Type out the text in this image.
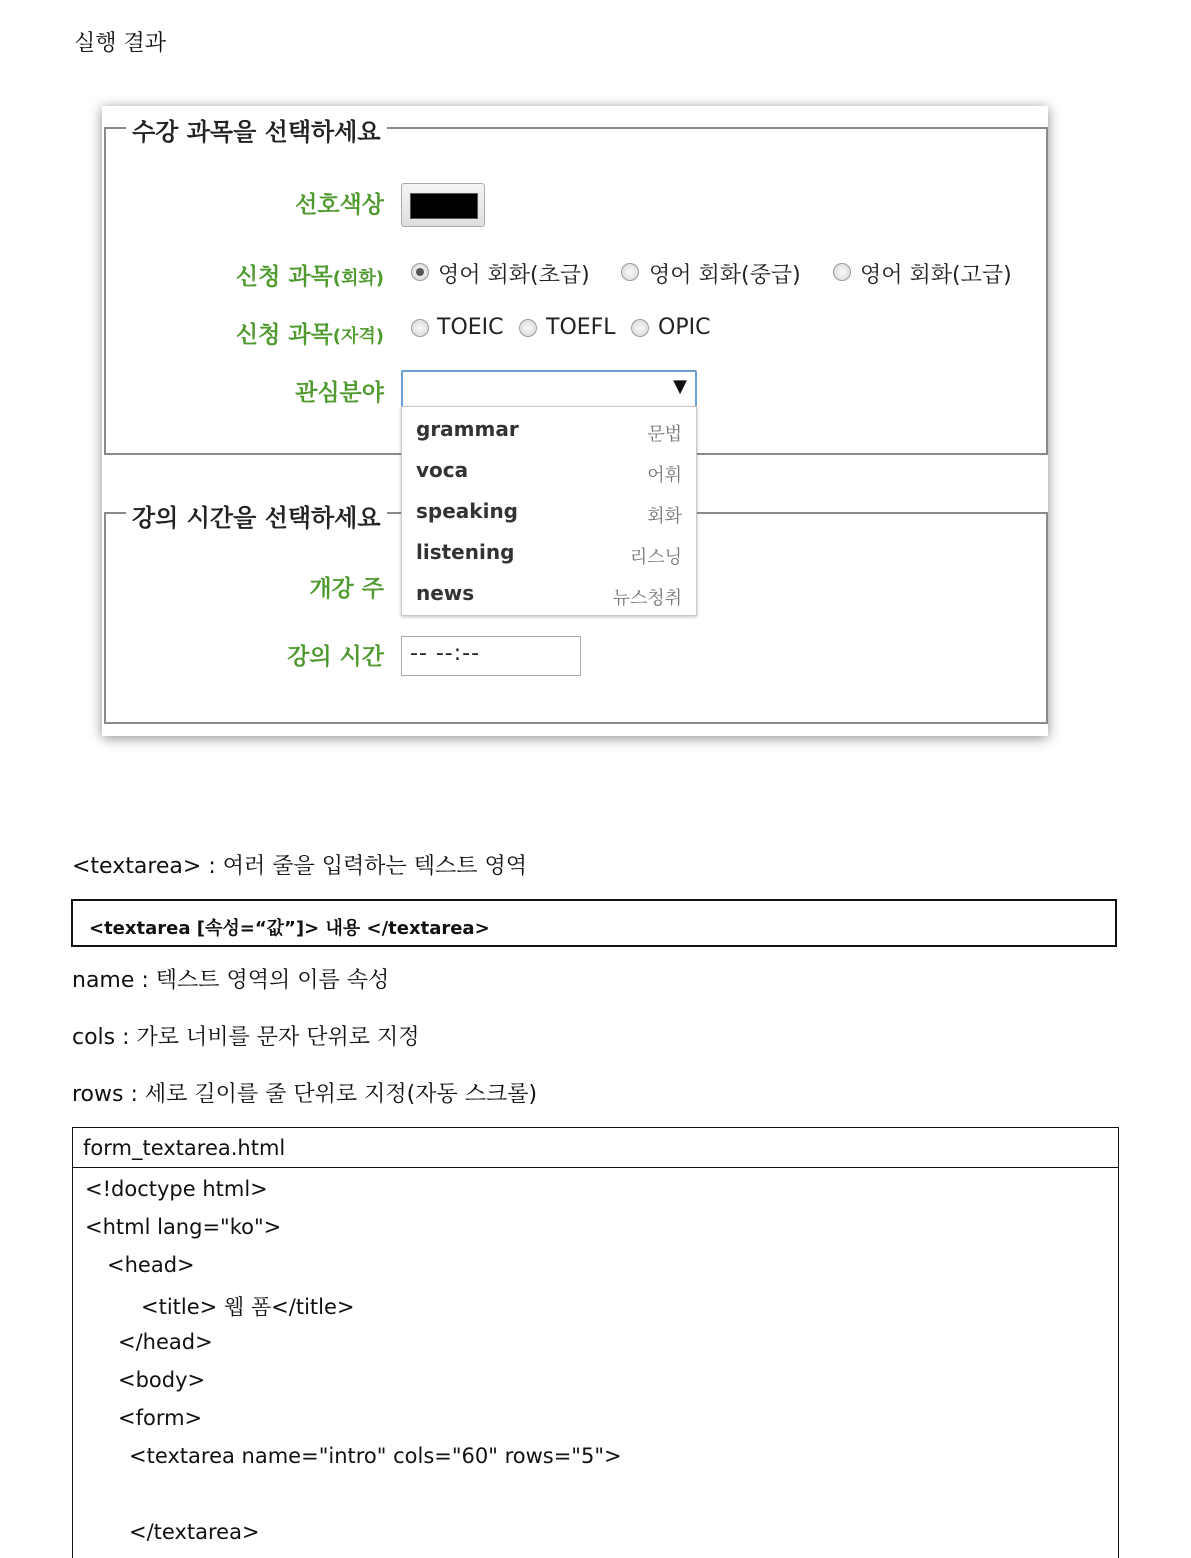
실행 결과
수강 과목을 선택하세요
선호색상
신청 과목(회화) 영어 회화(초급)	영어 회화(중급)	영어 회화(고급)
신청 과목(자격) TOEIC TOEFL OPIC
관심분야
강의 시간을 선택하세요
개강 주
강의 시간 -- --:--
▼
grammar	문법
voca	어휘
speaking	회화
listening	리스닝
news	뉴스청취
<textarea> : 여러 줄을 입력하는 텍스트 영역
<textarea [속성=“값”]> 내용 </textarea>
name : 텍스트 영역의 이름 속성
cols : 가로 너비를 문자 단위로 지정
rows : 세로 길이를 줄 단위로 지정(자동 스크롤)
form_textarea.html
<!doctype html>
<html lang="ko">
<head>
<title> 웹 폼</title>
</head>
<body>
<form>
<textarea name="intro" cols="60" rows="5">
</textarea>
